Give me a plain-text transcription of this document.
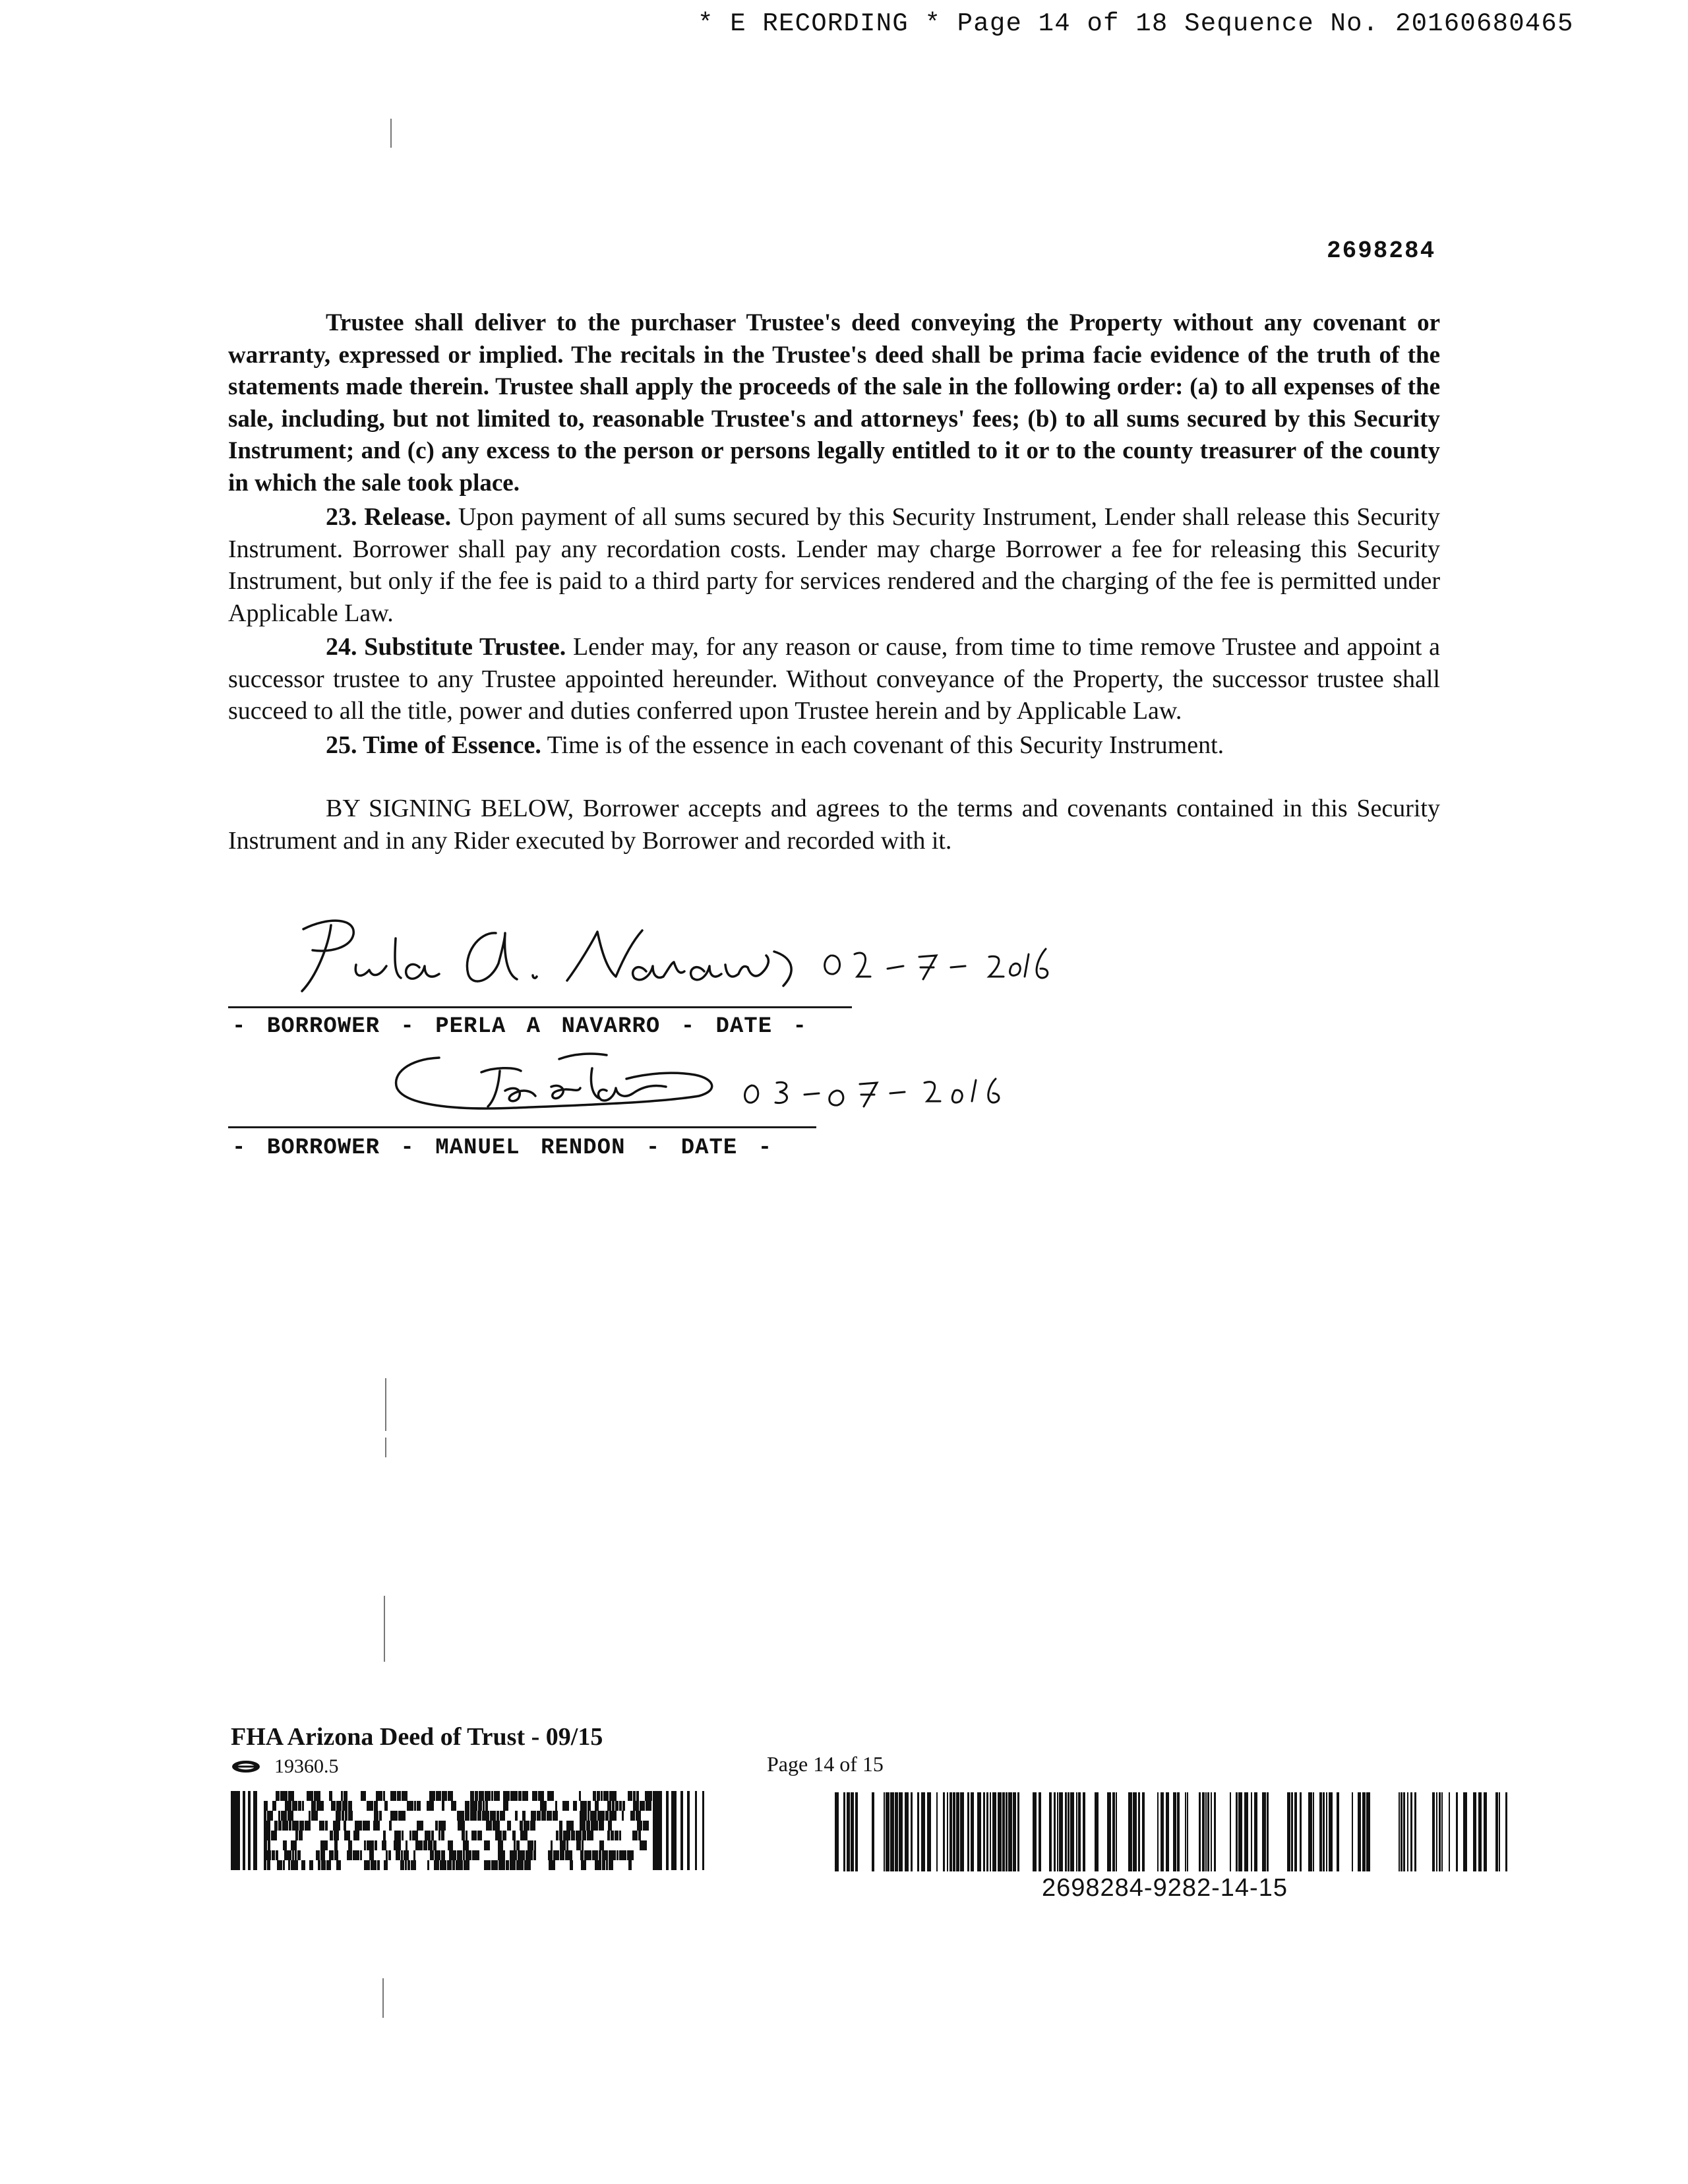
* E RECORDING * Page 14 of 18 Sequence No. 20160680465
2698284

Trustee shall deliver to the purchaser Trustee's deed conveying the Property without any covenant or warranty, expressed or implied. The recitals in the Trustee's deed shall be prima facie evidence of the truth of the statements made therein. Trustee shall apply the proceeds of the sale in the following order: (a) to all expenses of the sale, including, but not limited to, reasonable Trustee's and attorneys' fees; (b) to all sums secured by this Security Instrument; and (c) any excess to the person or persons legally entitled to it or to the county treasurer of the county in which the sale took place.

23. Release. Upon payment of all sums secured by this Security Instrument, Lender shall release this Security Instrument. Borrower shall pay any recordation costs. Lender may charge Borrower a fee for releasing this Security Instrument, but only if the fee is paid to a third party for services rendered and the charging of the fee is permitted under Applicable Law.

24. Substitute Trustee. Lender may, for any reason or cause, from time to time remove Trustee and appoint a successor trustee to any Trustee appointed hereunder. Without conveyance of the Property, the successor trustee shall succeed to all the title, power and duties conferred upon Trustee herein and by Applicable Law.

25. Time of Essence. Time is of the essence in each covenant of this Security Instrument.

BY SIGNING BELOW, Borrower accepts and agrees to the terms and covenants contained in this Security Instrument and in any Rider executed by Borrower and recorded with it.

- BORROWER - PERLA A NAVARRO - DATE -
- BORROWER - MANUEL RENDON - DATE -
FHA Arizona Deed of Trust - 09/15
19360.5	Page 14 of 15
2698284-9282-14-15
